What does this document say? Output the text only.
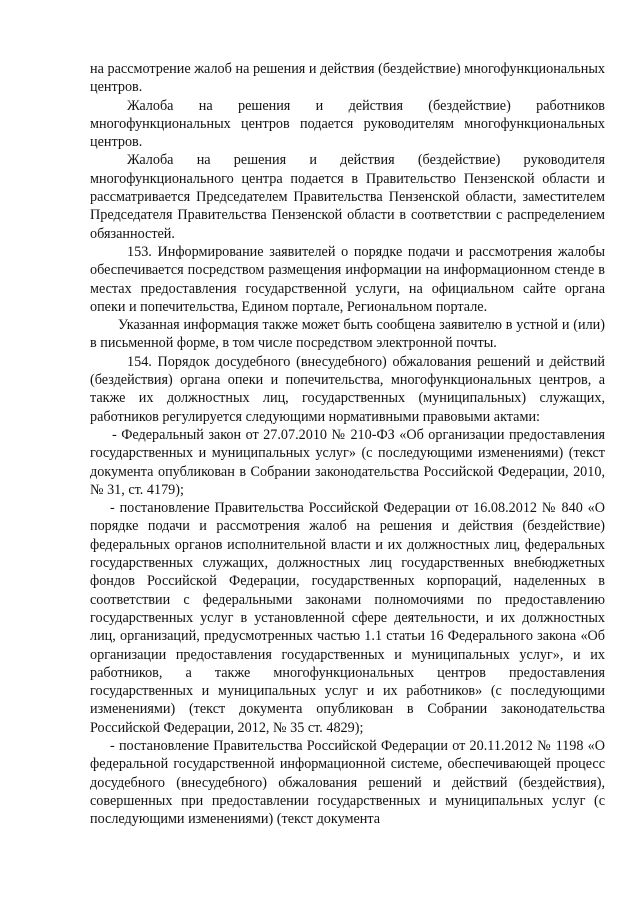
на рассмотрение жалоб на решения и действия (бездействие) многофункциональных центров.

Жалоба на решения и действия (бездействие) работников многофункциональных центров подается руководителям многофункциональных центров.

Жалоба на решения и действия (бездействие) руководителя многофункционального центра подается в Правительство Пензенской области и рассматривается Председателем Правительства Пензенской области, заместителем Председателя Правительства Пензенской области в соответствии с распределением обязанностей.

153. Информирование заявителей о порядке подачи и рассмотрения жалобы обеспечивается посредством размещения информации на информационном стенде в местах предоставления государственной услуги, на официальном сайте органа опеки и попечительства, Едином портале, Региональном портале.

Указанная информация также может быть сообщена заявителю в устной и (или) в письменной форме, в том числе посредством электронной почты.

154. Порядок досудебного (внесудебного) обжалования решений и действий (бездействия) органа опеки и попечительства, многофункциональных центров, а также их должностных лиц, государственных (муниципальных) служащих, работников регулируется следующими нормативными правовыми актами:

- Федеральный закон от 27.07.2010 № 210-ФЗ «Об организации предоставления государственных и муниципальных услуг» (с последующими изменениями) (текст документа опубликован в Собрании законодательства Российской Федерации, 2010, № 31, ст. 4179);

- постановление Правительства Российской Федерации от 16.08.2012 № 840 «О порядке подачи и рассмотрения жалоб на решения и действия (бездействие) федеральных органов исполнительной власти и их должностных лиц, федеральных государственных служащих, должностных лиц государственных внебюджетных фондов Российской Федерации, государственных корпораций, наделенных в соответствии с федеральными законами полномочиями по предоставлению государственных услуг в установленной сфере деятельности, и их должностных лиц, организаций, предусмотренных частью 1.1 статьи 16 Федерального закона «Об организации предоставления государственных и муниципальных услуг», и их работников, а также многофункциональных центров предоставления государственных и муниципальных услуг и их работников» (с последующими изменениями) (текст документа опубликован в Собрании законодательства Российской Федерации, 2012, № 35 ст. 4829);

- постановление Правительства Российской Федерации от 20.11.2012 № 1198 «О федеральной государственной информационной системе, обеспечивающей процесс досудебного (внесудебного) обжалования решений и действий (бездействия), совершенных при предоставлении государственных и муниципальных услуг (с последующими изменениями) (текст документа
